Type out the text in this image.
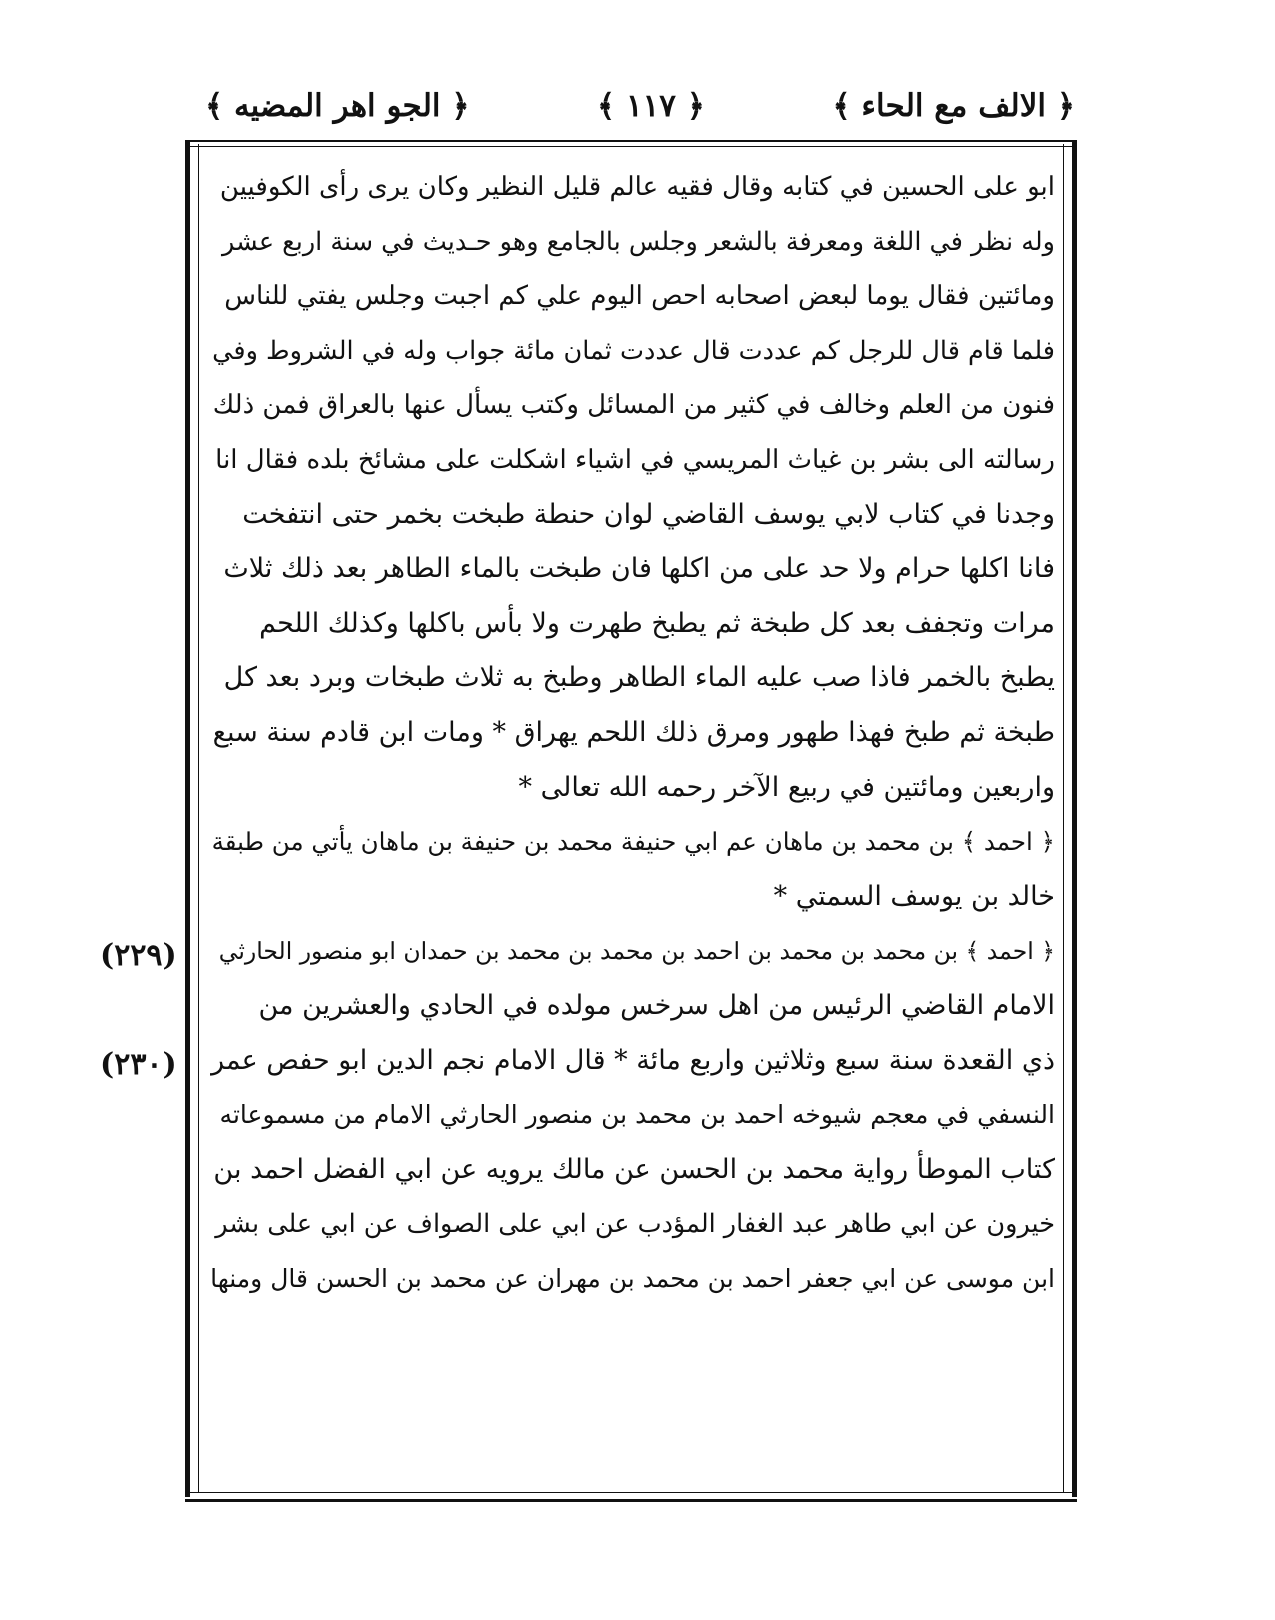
﴿ الالف مع الحاء ﴾
﴿ ١١٧ ﴾
﴿ الجو اهر المضيه ﴾
(٢٢٩)
(٢٣٠)
ابو على الحسين في كتابه وقال فقيه عالم قليل النظير وكان يرى رأى الكوفيين
وله نظر في اللغة ومعرفة بالشعر وجلس بالجامع وهو حـديث في سنة اربع عشر
ومائتين فقال يوما لبعض اصحابه احص اليوم علي كم اجبت وجلس يفتي للناس
فلما قام قال للرجل كم عددت قال عددت ثمان مائة جواب وله في الشروط وفي
فنون من العلم وخالف في كثير من المسائل وكتب يسأل عنها بالعراق فمن ذلك
رسالته الى بشر بن غياث المريسي في اشياء اشكلت على مشائخ بلده فقال انا
وجدنا في كتاب لابي يوسف القاضي لوان حنطة طبخت بخمر حتى انتفخت
فانا اكلها حرام ولا حد على من اكلها فان طبخت بالماء الطاهر بعد ذلك ثلاث
مرات وتجفف بعد كل طبخة ثم يطبخ طهرت ولا بأس باكلها وكذلك اللحم
يطبخ بالخمر فاذا صب عليه الماء الطاهر وطبخ به ثلاث طبخات وبرد بعد كل
طبخة ثم طبخ فهذا طهور ومرق ذلك اللحم يهراق * ومات ابن قادم سنة سبع
واربعين ومائتين في ربيع الآخر رحمه الله تعالى *
﴿ احمد ﴾ بن محمد بن ماهان عم ابي حنيفة محمد بن حنيفة بن ماهان يأتي من طبقة
خالد بن يوسف السمتي *
﴿ احمد ﴾ بن محمد بن محمد بن احمد بن محمد بن محمد بن حمدان ابو منصور الحارثي
الامام القاضي الرئيس من اهل سرخس مولده في الحادي والعشرين من
ذي القعدة سنة سبع وثلاثين واربع مائة * قال الامام نجم الدين ابو حفص عمر
النسفي في معجم شيوخه احمد بن محمد بن منصور الحارثي الامام من مسموعاته
كتاب الموطأ رواية محمد بن الحسن عن مالك يرويه عن ابي الفضل احمد بن
خيرون عن ابي طاهر عبد الغفار المؤدب عن ابي على الصواف عن ابي على بشر
ابن موسى عن ابي جعفر احمد بن محمد بن مهران عن محمد بن الحسن قال ومنها
